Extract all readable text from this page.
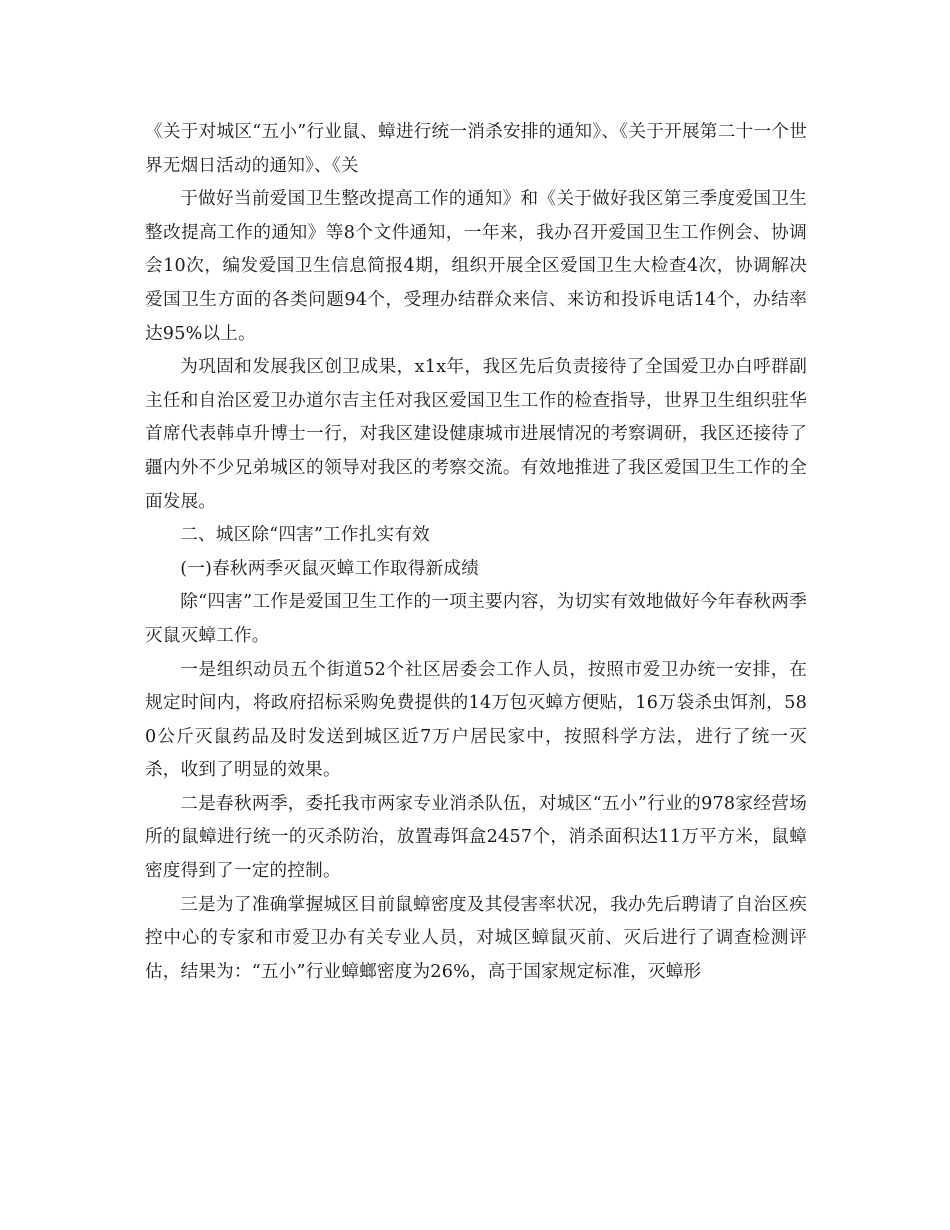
《关于对城区“五小”行业鼠、蟑进行统一消杀安排的通知》、《关于开展第二十一个世界无烟日活动的通知》、《关

于做好当前爱国卫生整改提高工作的通知》和《关于做好我区第三季度爱国卫生整改提高工作的通知》等8个文件通知，一年来，我办召开爱国卫生工作例会、协调会10次，编发爱国卫生信息简报4期，组织开展全区爱国卫生大检查4次，协调解决爱国卫生方面的各类问题94个，受理办结群众来信、来访和投诉电话14个，办结率达95%以上。

为巩固和发展我区创卫成果，x1x年，我区先后负责接待了全国爱卫办白呼群副主任和自治区爱卫办道尔吉主任对我区爱国卫生工作的检查指导，世界卫生组织驻华首席代表韩卓升博士一行，对我区建设健康城市进展情况的考察调研，我区还接待了疆内外不少兄弟城区的领导对我区的考察交流。有效地推进了我区爱国卫生工作的全面发展。

二、城区除“四害”工作扎实有效

(一)春秋两季灭鼠灭蟑工作取得新成绩

除“四害”工作是爱国卫生工作的一项主要内容，为切实有效地做好今年春秋两季灭鼠灭蟑工作。

一是组织动员五个街道52个社区居委会工作人员，按照市爱卫办统一安排，在规定时间内，将政府招标采购免费提供的14万包灭蟑方便贴，16万袋杀虫饵剂，580公斤灭鼠药品及时发送到城区近7万户居民家中，按照科学方法，进行了统一灭杀，收到了明显的效果。

二是春秋两季，委托我市两家专业消杀队伍，对城区“五小”行业的978家经营场所的鼠蟑进行统一的灭杀防治，放置毒饵盒2457个，消杀面积达11万平方米，鼠蟑密度得到了一定的控制。

三是为了准确掌握城区目前鼠蟑密度及其侵害率状况，我办先后聘请了自治区疾控中心的专家和市爱卫办有关专业人员，对城区蟑鼠灭前、灭后进行了调查检测评估，结果为：“五小”行业蟑螂密度为26%，高于国家规定标准，灭蟑形
